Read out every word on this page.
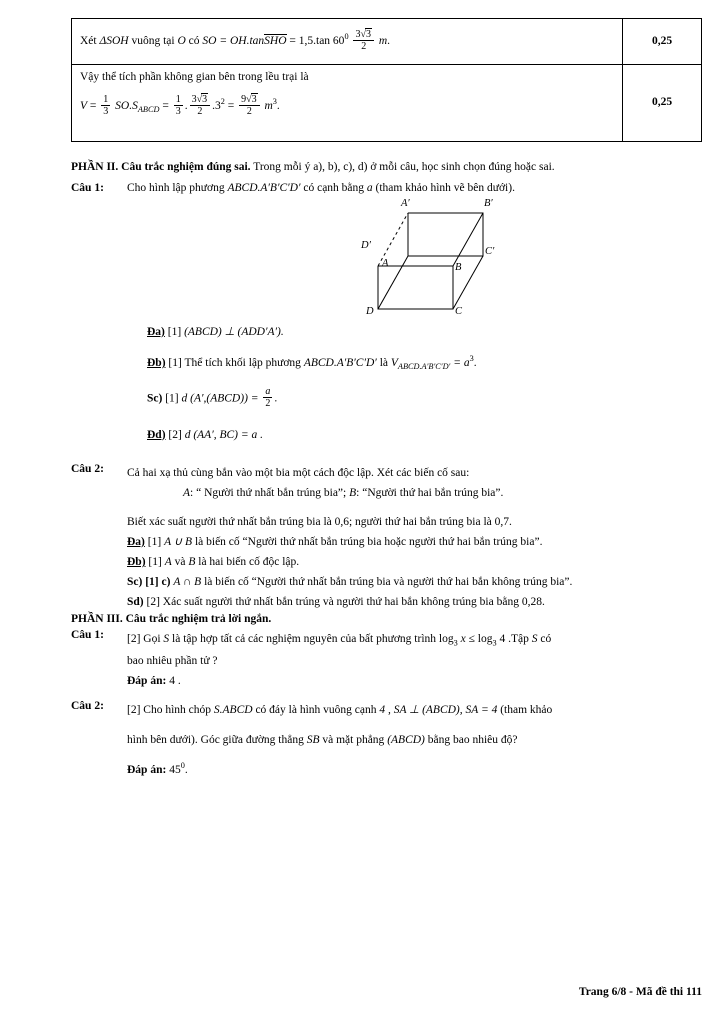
Xét ΔSOH vuông tại O có SO = OH.tanSHO = 1,5.tan $60^0 \frac{3√3}{2} m$.	0,25

Vậy thể tích phần không gian bên trong lều trại là
$V = \frac{1}{3} SO.S_{ABCD} = \frac{1}{3}$ . $\frac{3√3}{2} .3^2 = \frac{9√3}{2} m^3$.	0,25

PHẦN II. Câu trắc nghiệm đúng sai. Trong mỗi ý a), b), c), d) ở mỗi câu, học sinh chọn đúng hoặc sai.

Câu 1:	Cho hình lập phương ABCD.A′B′C′D′ có cạnh bằng a (tham khảo hình vẽ bên dưới).
A′	B′
C′
D′
A	B
C
D

Đa) [1] (ABCD) ⊥ (ADD′A′).

Đb) [1] Thể tích khối lập phương ABCD.A′B′C′D′ là $V_{ABCD.A'B'C'D'} = a^3$.

Sc) [1] d (A′,(ABCD)) = $\frac{a}{2}$ .

Đd) [2] d (AA′, BC) = a .

Câu 2:	Cả hai xạ thủ cùng bắn vào một bia một cách độc lập. Xét các biến cố sau:
A: “ Người thứ nhất bắn trúng bia”; B: “Người thứ hai bắn trúng bia”.
Biết xác suất người thứ nhất bắn trúng bia là 0,6; người thứ hai bắn trúng bia là 0,7.
Đa) [1] A ∪ B là biến cố “Người thứ nhất bắn trúng bia hoặc người thứ hai bắn trúng bia”.
Đb) [1] A và B là hai biến cố độc lập.
Sc) [1] c) A ∩ B là biến cố “Người thứ nhất bắn trúng bia và người thứ hai bắn không trúng bia”.
Sd) [2] Xác suất người thứ nhất bắn trúng và người thứ hai bắn không trúng bia bằng 0,28.

PHẦN III. Câu trắc nghiệm trả lời ngắn.

Câu 1:	[2] Gọi S là tập hợp tất cả các nghiệm nguyên của bất phương trình $\log_3 x \le \log_3 4$ .Tập S có
bao nhiêu phần tử ?
Đáp án: 4 .
Câu 2:	[2] Cho hình chóp S.ABCD có đáy là hình vuông cạnh 4 , SA ⊥ (ABCD), SA = 4 (tham khảo
hình bên dưới). Góc giữa đường thẳng SB và mặt phẳng (ABCD) bằng bao nhiêu độ?
Đáp án: $45^0$.
Trang 6/8 - Mã đề thi 111
